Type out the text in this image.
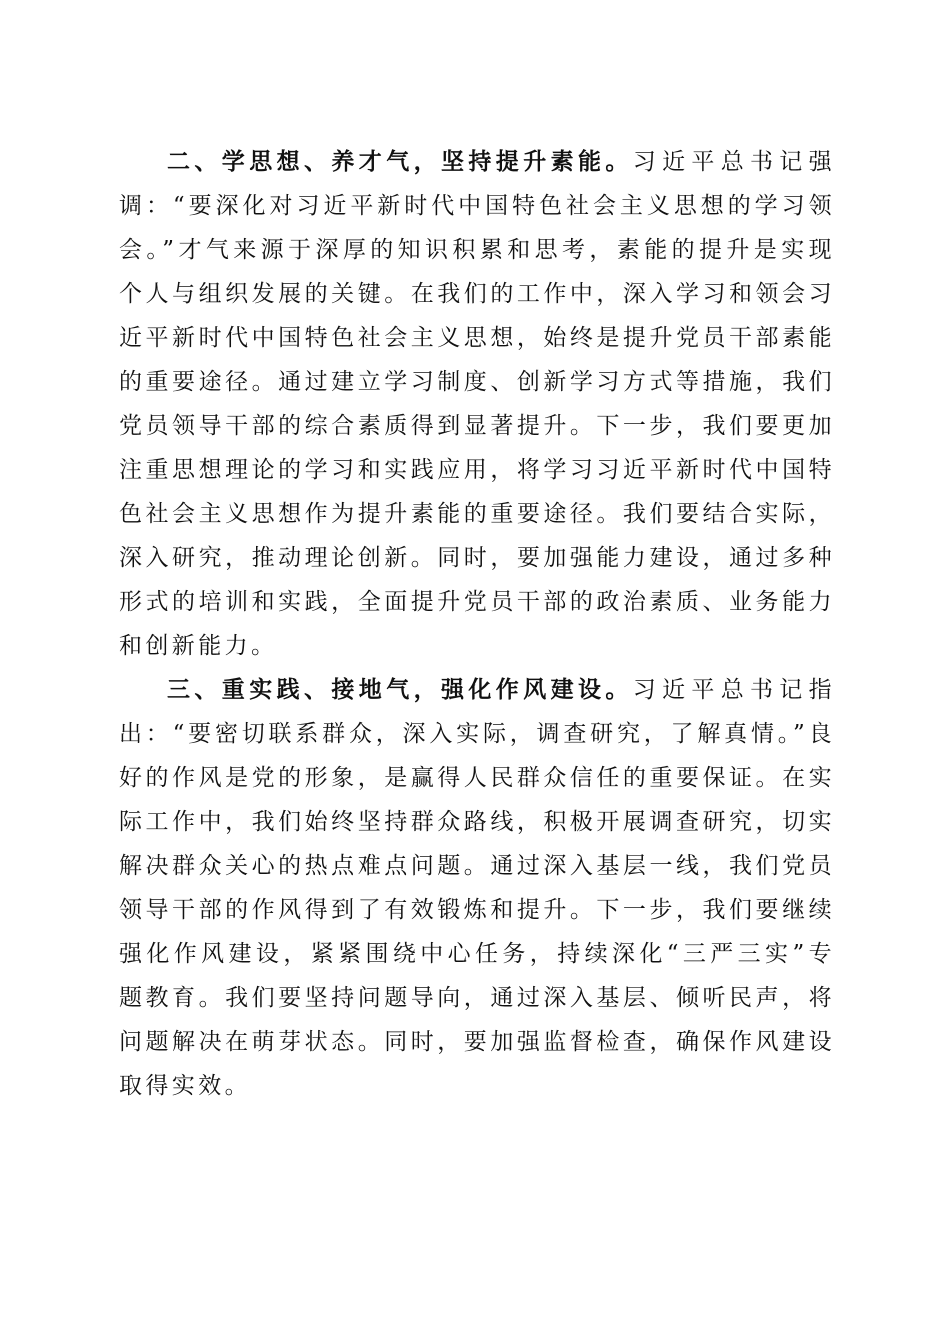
二、学思想、养才气，坚持提升素能。习近平总书记强调：“要深化对习近平新时代中国特色社会主义思想的学习领会。”才气来源于深厚的知识积累和思考，素能的提升是实现个人与组织发展的关键。在我们的工作中，深入学习和领会习近平新时代中国特色社会主义思想，始终是提升党员干部素能的重要途径。通过建立学习制度、创新学习方式等措施，我们党员领导干部的综合素质得到显著提升。下一步，我们要更加注重思想理论的学习和实践应用，将学习习近平新时代中国特色社会主义思想作为提升素能的重要途径。我们要结合实际，深入研究，推动理论创新。同时，要加强能力建设，通过多种形式的培训和实践，全面提升党员干部的政治素质、业务能力和创新能力。

三、重实践、接地气，强化作风建设。习近平总书记指出：“要密切联系群众，深入实际，调查研究，了解真情。”良好的作风是党的形象，是赢得人民群众信任的重要保证。在实际工作中，我们始终坚持群众路线，积极开展调查研究，切实解决群众关心的热点难点问题。通过深入基层一线，我们党员领导干部的作风得到了有效锻炼和提升。下一步，我们要继续强化作风建设，紧紧围绕中心任务，持续深化“三严三实”专题教育。我们要坚持问题导向，通过深入基层、倾听民声，将问题解决在萌芽状态。同时，要加强监督检查，确保作风建设取得实效。
